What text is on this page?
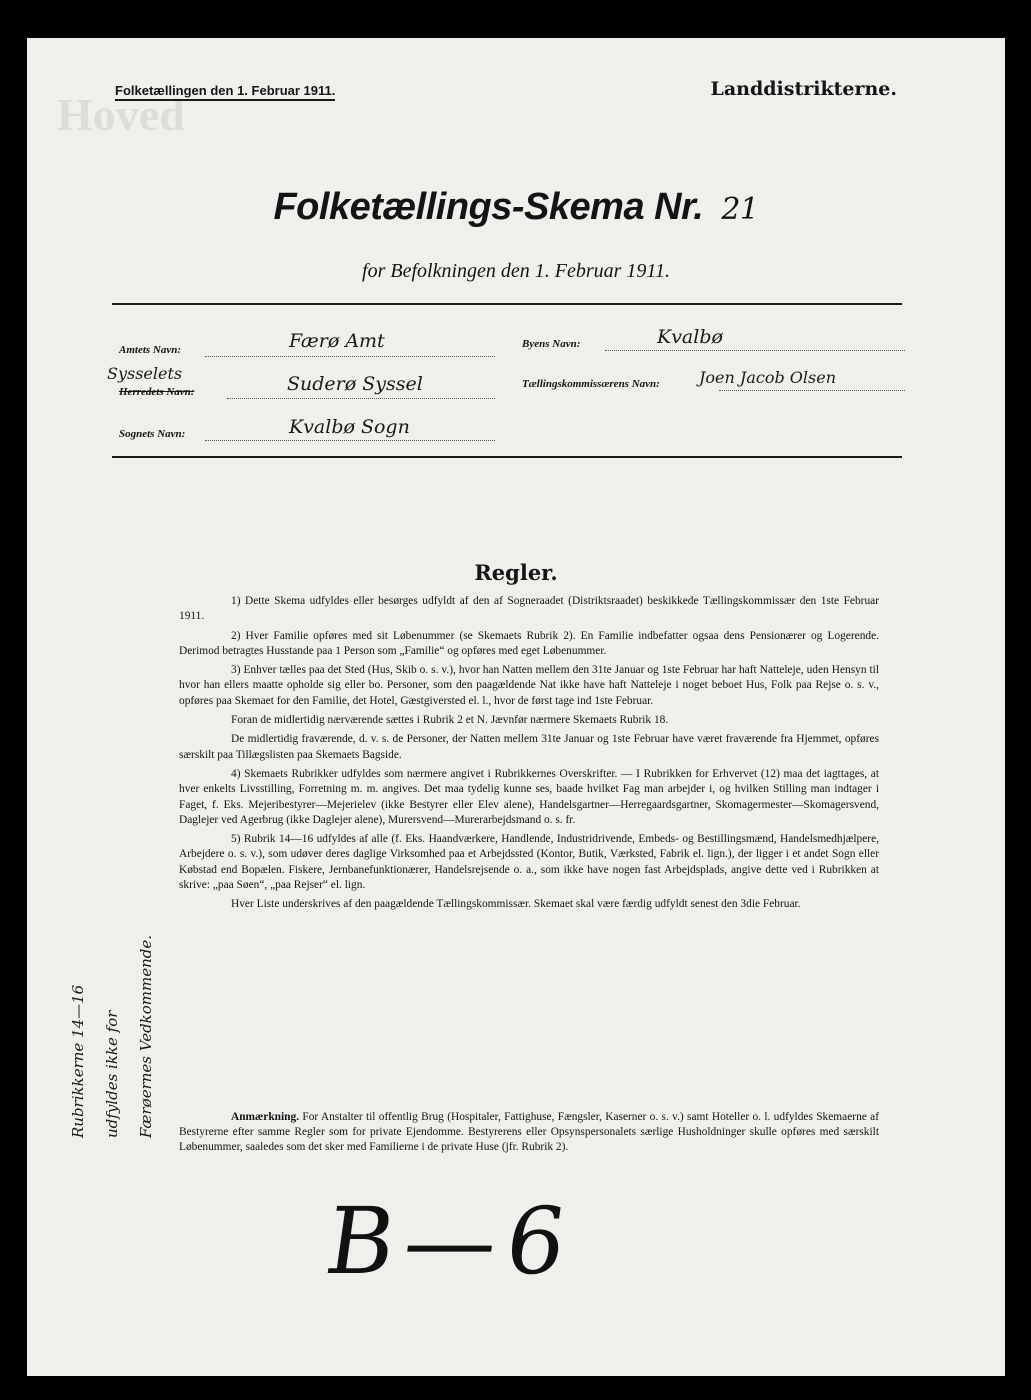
Hoved
Folketællingen den 1. Februar 1911.	Landdistrikterne.
Folketællings-Skema Nr. 21
for Befolkningen den 1. Februar 1911.
Amtets Navn:	Færø Amt
Sysselets
Herredets Navn:	Suderø Syssel
Sognets Navn:	Kvalbø Sogn
Byens Navn:	Kvalbø
Tællingskommissærens Navn: Joen Jacob Olsen
Regler.

1) Dette Skema udfyldes eller besørges udfyldt af den af Sogneraadet (Distriktsraadet) beskikkede Tællingskommissær den 1ste Februar 1911.

2) Hver Familie opføres med sit Løbenummer (se Skemaets Rubrik 2). En Familie indbefatter ogsaa dens Pensionærer og Logerende. Derimod betragtes Husstande paa 1 Person som „Familie“ og opføres med eget Løbenummer.

3) Enhver tælles paa det Sted (Hus, Skib o. s. v.), hvor han Natten mellem den 31te Januar og 1ste Februar har haft Natteleje, uden Hensyn til hvor han ellers maatte opholde sig eller bo. Personer, som den paagældende Nat ikke have haft Natteleje i noget beboet Hus, Folk paa Rejse o. s. v., opføres paa Skemaet for den Familie, det Hotel, Gæstgiversted el. l., hvor de først tage ind 1ste Februar.

Foran de midlertidig nærværende sættes i Rubrik 2 et N. Jævnfør nærmere Skemaets Rubrik 18.

De midlertidig fraværende, d. v. s. de Personer, der Natten mellem 31te Januar og 1ste Februar have været fraværende fra Hjemmet, opføres særskilt paa Tillægslisten paa Skemaets Bagside.

4) Skemaets Rubrikker udfyldes som nærmere angivet i Rubrikkernes Overskrifter. — I Rubrikken for Erhvervet (12) maa det iagttages, at hver enkelts Livsstilling, Forretning m. m. angives. Det maa tydelig kunne ses, baade hvilket Fag man arbejder i, og hvilken Stilling man indtager i Faget, f. Eks. Mejeribestyrer—Mejerielev (ikke Bestyrer eller Elev alene), Handelsgartner—Herregaardsgartner, Skomagermester—Skomagersvend, Daglejer ved Agerbrug (ikke Daglejer alene), Murersvend—Murerarbejdsmand o. s. fr.

5) Rubrik 14—16 udfyldes af alle (f. Eks. Haandværkere, Handlende, Industridrivende, Embeds- og Bestillingsmænd, Handelsmedhjælpere, Arbejdere o. s. v.), som udøver deres daglige Virksomhed paa et Arbejdssted (Kontor, Butik, Værksted, Fabrik el. lign.), der ligger i et andet Sogn eller Købstad end Bopælen. Fiskere, Jernbanefunktionærer, Handelsrejsende o. a., som ikke have nogen fast Arbejdsplads, angive dette ved i Rubrikken at skrive: „paa Søen“, „paa Rejser“ el. lign.

Hver Liste underskrives af den paagældende Tællingskommissær. Skemaet skal være færdig udfyldt senest den 3die Februar.

Anmærkning. For Anstalter til offentlig Brug (Hospitaler, Fattighuse, Fængsler, Kaserner o. s. v.) samt Hoteller o. l. udfyldes Skemaerne af Bestyrerne efter samme Regler som for private Ejendomme. Bestyrerens eller Opsynspersonalets særlige Husholdninger skulle opføres med særskilt Løbenummer, saaledes som det sker med Familierne i de private Huse (jfr. Rubrik 2).
Rubrikkerne 14—16	udfyldes ikke for	Færøernes Vedkommende.
B—6
